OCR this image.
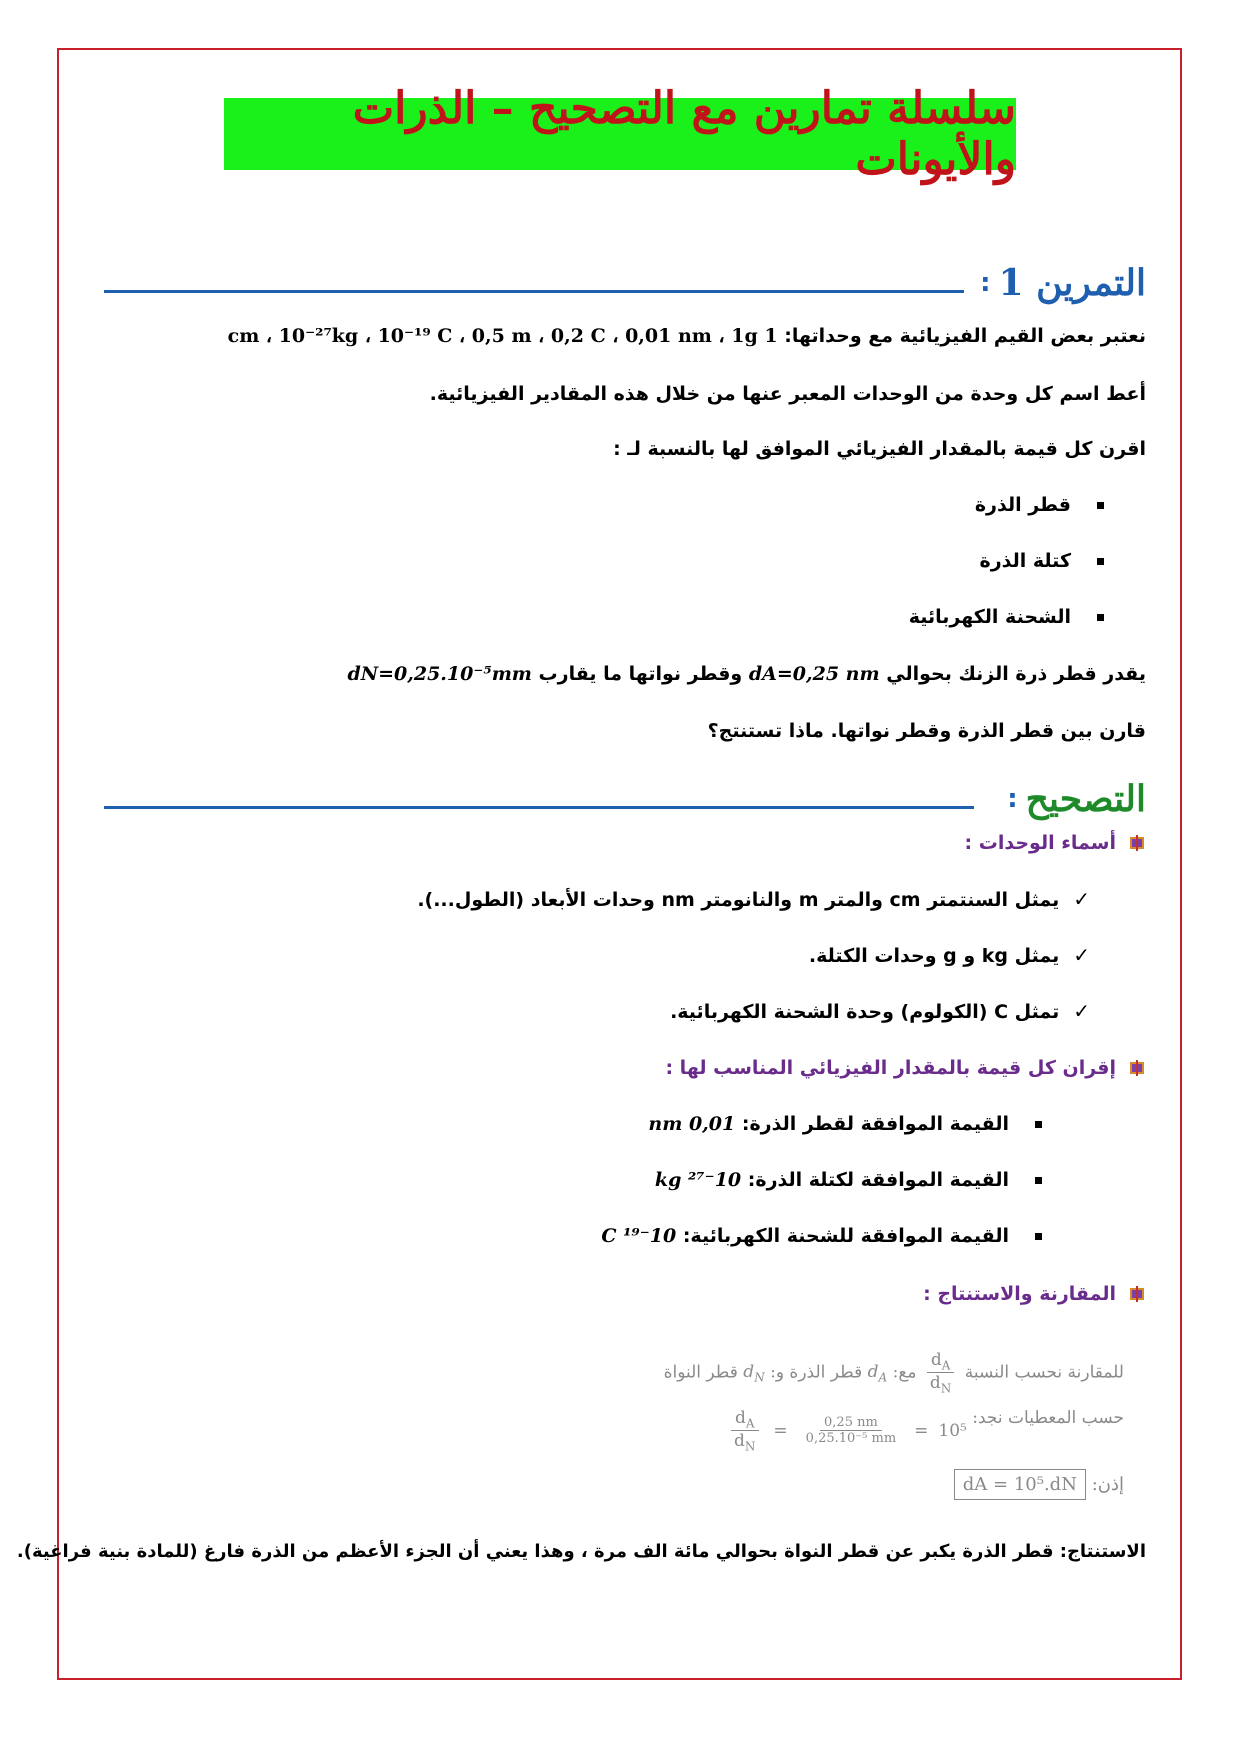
سلسلة تمارين مع التصحيح – الذرات والأيونات
التمرين 1
:
نعتبر بعض القيم الفيزيائية مع وحداتها: 1 cm ، 10⁻²⁷kg ، 10⁻¹⁹ C ، 0,5 m ، 0,2 C ، 0,01 nm ، 1g
أعط اسم كل وحدة من الوحدات المعبر عنها من خلال هذه المقادير الفيزيائية.
اقرن كل قيمة بالمقدار الفيزيائي الموافق لها بالنسبة لـ :
قطر الذرة
كتلة الذرة
الشحنة الكهربائية
يقدر قطر ذرة الزنك بحوالي dA=0,25 nm وقطر نواتها ما يقارب dN=0,25.10⁻⁵mm
قارن بين قطر الذرة وقطر نواتها. ماذا تستنتج؟
التصحيح
:
أسماء الوحدات :
✓يمثل السنتمتر cm والمتر m والنانومتر nm وحدات الأبعاد (الطول...).
✓يمثل kg و g وحدات الكتلة.
✓تمثل C (الكولوم) وحدة الشحنة الكهربائية.
إقران كل قيمة بالمقدار الفيزيائي المناسب لها :
القيمة الموافقة لقطر الذرة: 0,01 nm
القيمة الموافقة لكتلة الذرة: 10⁻²⁷ kg
القيمة الموافقة للشحنة الكهربائية: 10⁻¹⁹ C
المقارنة والاستنتاج :
للمقارنة نحسب النسبة
$\frac{d_A}{d_N}$
مع: $d_A$ قطر الذرة و: $d_N$ قطر النواة
حسب المعطيات نجد:
$\frac{d_A}{d_N} = \frac{0,25 nm}{\text{0,25.10⁻⁵ mm}} = 10^5$
إذن: dA = 10⁵.dN
الاستنتاج: قطر الذرة يكبر عن قطر النواة بحوالي مائة الف مرة ، وهذا يعني أن الجزء الأعظم من الذرة فارغ (للمادة بنية فراغية).
